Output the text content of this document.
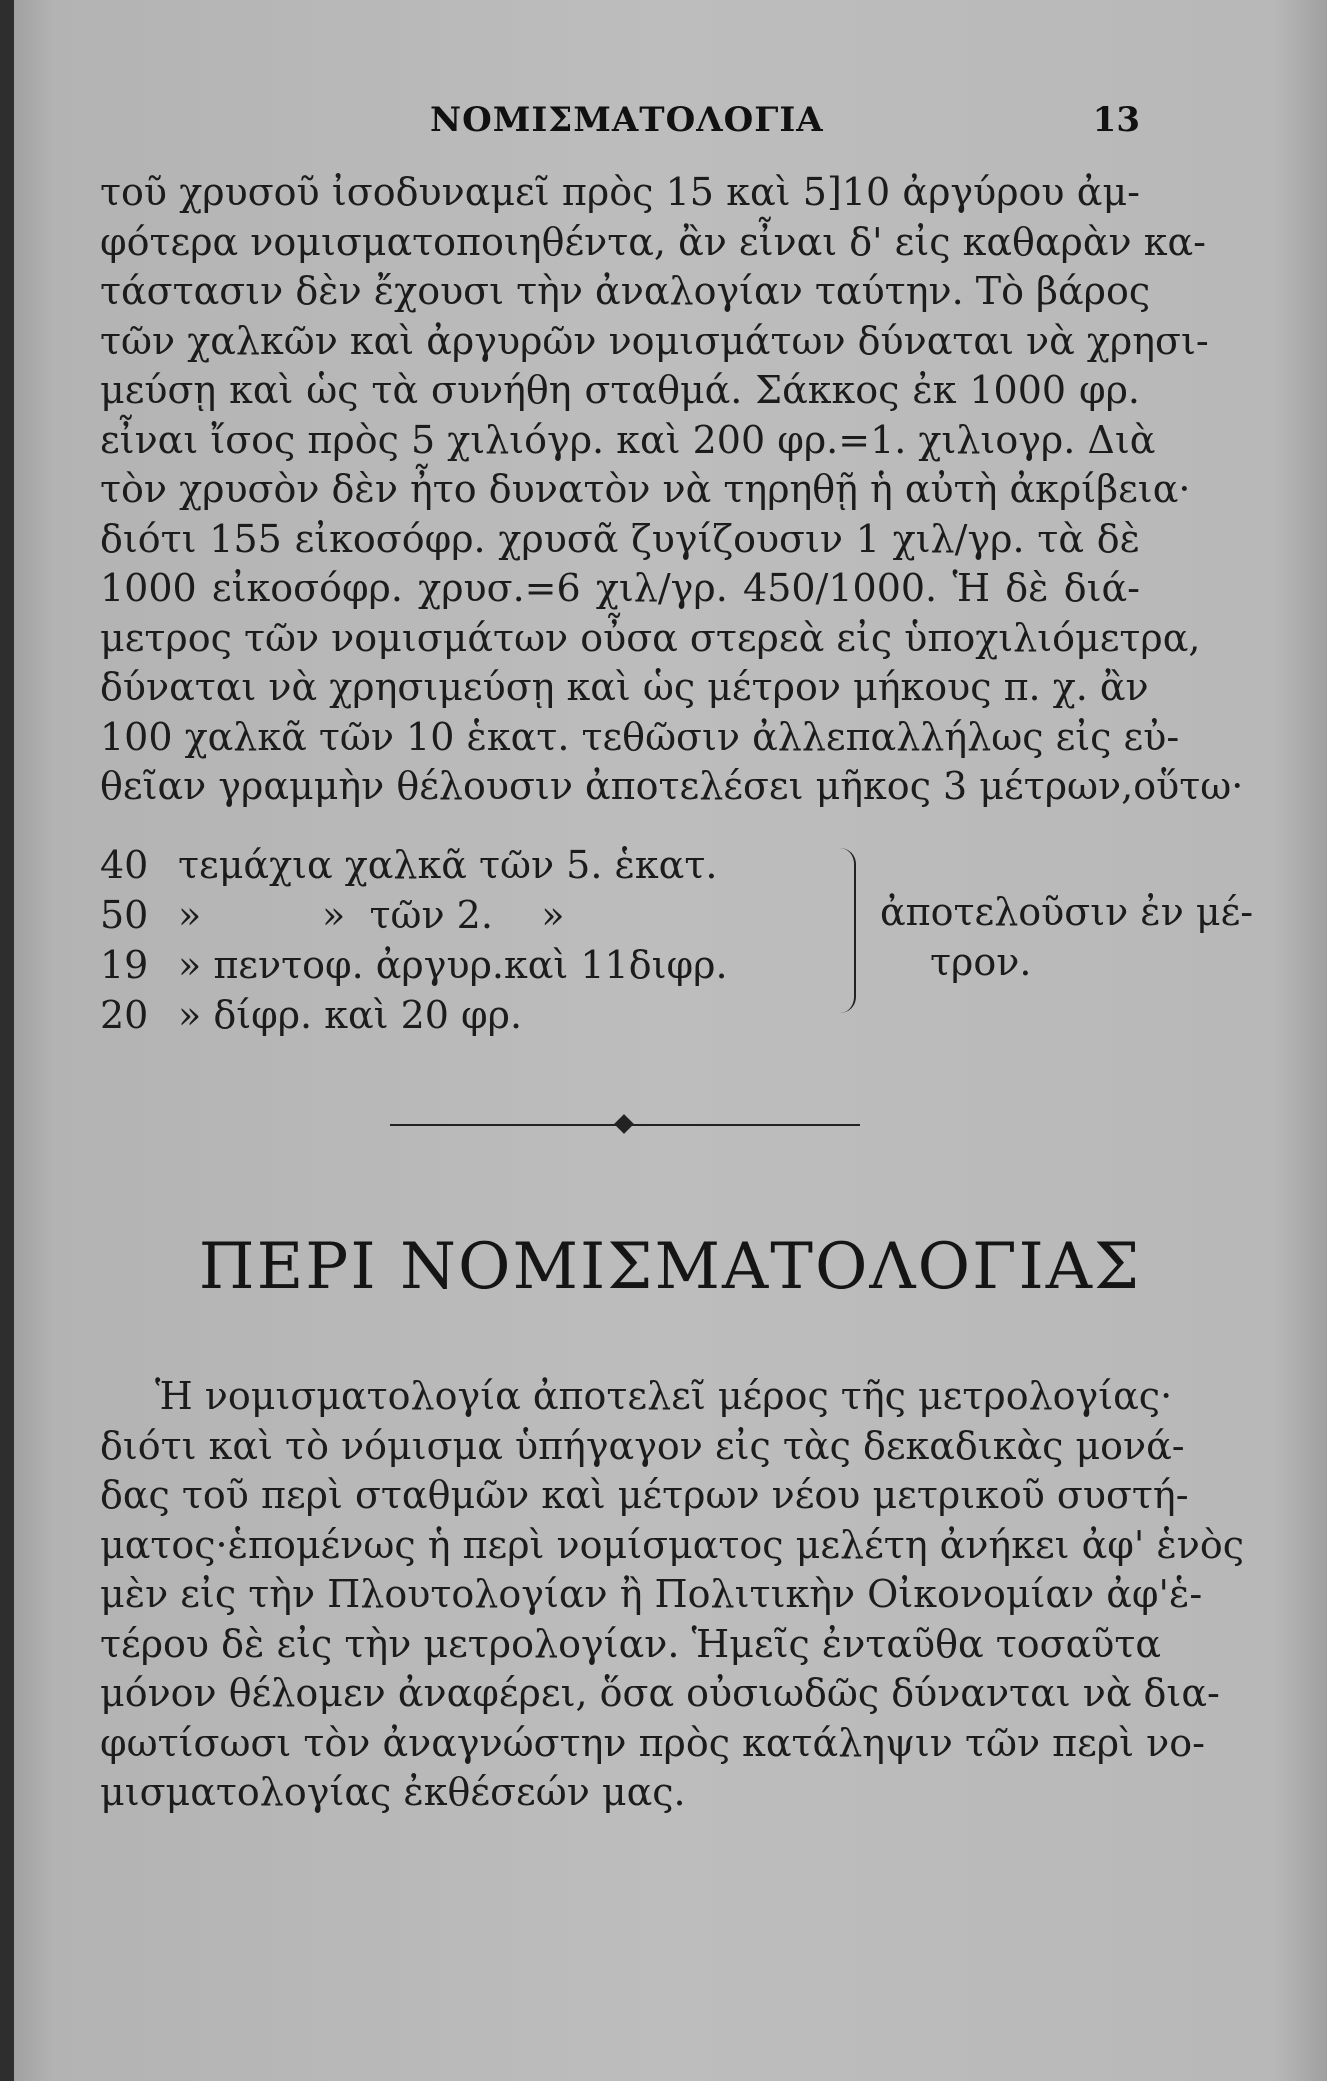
ΝΟΜΙΣΜΑΤΟΛΟΓΙΑ	13
τοῦ χρυσοῦ ἰσοδυναμεῖ πρὸς 15 καὶ 5]10 ἀργύρου ἀμ-
φότερα νομισματοποιηθέντα, ἂν εἶναι δ' εἰς καθαρὰν κα-
τάστασιν δὲν ἔχουσι τὴν ἀναλογίαν ταύτην. Τὸ βάρος
τῶν χαλκῶν καὶ ἀργυρῶν νομισμάτων δύναται νὰ χρησι-
μεύσῃ καὶ ὡς τὰ συνήθη σταθμά. Σάκκος ἐκ 1000 φρ.
εἶναι ἴσος πρὸς 5 χιλιόγρ. καὶ 200 φρ.=1. χιλιογρ. Διὰ
τὸν χρυσὸν δὲν ἦτο δυνατὸν νὰ τηρηθῇ ἡ αὐτὴ ἀκρίβεια·
διότι 155 εἰκοσόφρ. χρυσᾶ ζυγίζουσιν 1 χιλ/γρ. τὰ δὲ
1000 εἰκοσόφρ. χρυσ.=6 χιλ/γρ. 450/1000. Ἡ δὲ διά-
μετρος τῶν νομισμάτων οὖσα στερεὰ εἰς ὑποχιλιόμετρα,
δύναται νὰ χρησιμεύσῃ καὶ ὡς μέτρον μήκους π. χ. ἂν
100 χαλκᾶ τῶν 10 ἑκατ. τεθῶσιν ἀλλεπαλλήλως εἰς εὐ-
θεῖαν γραμμὴν θέλουσιν ἀποτελέσει μῆκος 3 μέτρων,οὕτω·
40 τεμάχια χαλκᾶ τῶν 5. ἑκατ.
50 »          »  τῶν 2.    »
19 » πεντοφ. ἀργυρ.καὶ 11διφρ.
20 » δίφρ. καὶ 20 φρ.
ἀποτελοῦσιν ἐν μέ-
τρον.
ΠΕΡΙ ΝΟΜΙΣΜΑΤΟΛΟΓΙΑΣ
Ἡ νομισματολογία ἀποτελεῖ μέρος τῆς μετρολογίας·
διότι καὶ τὸ νόμισμα ὑπήγαγον εἰς τὰς δεκαδικὰς μονά-
δας τοῦ περὶ σταθμῶν καὶ μέτρων νέου μετρικοῦ συστή-
ματος·ἑπομένως ἡ περὶ νομίσματος μελέτη ἀνήκει ἀφ' ἑνὸς
μὲν εἰς τὴν Πλουτολογίαν ἢ Πολιτικὴν Οἰκονομίαν ἀφ'ἑ-
τέρου δὲ εἰς τὴν μετρολογίαν. Ἡμεῖς ἐνταῦθα τοσαῦτα
μόνον θέλομεν ἀναφέρει, ὅσα οὐσιωδῶς δύνανται νὰ δια-
φωτίσωσι τὸν ἀναγνώστην πρὸς κατάληψιν τῶν περὶ νο-
μισματολογίας ἐκθέσεών μας.
